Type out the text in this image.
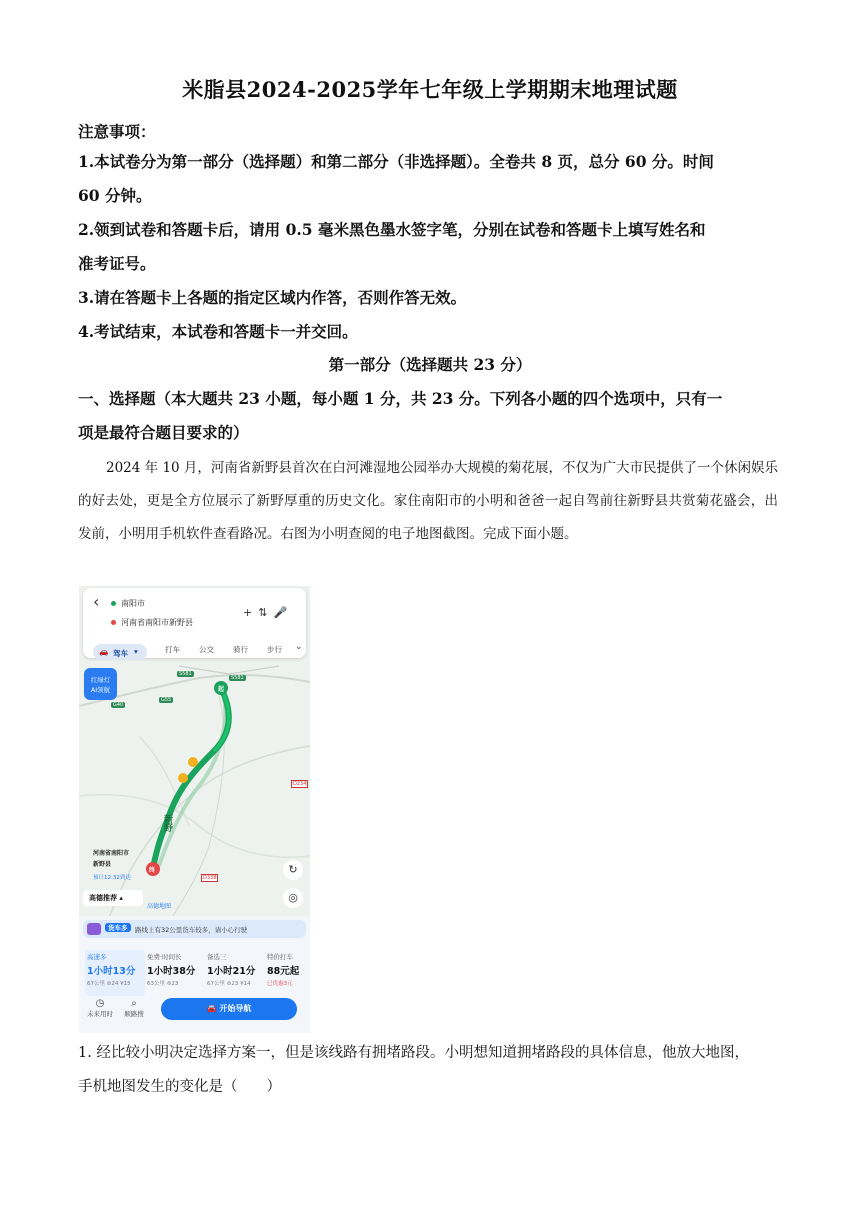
米脂县2024-2025学年七年级上学期期末地理试题
注意事项：
1.本试卷分为第一部分（选择题）和第二部分（非选择题）。全卷共 8 页，总分 60 分。时间
60 分钟。
2.领到试卷和答题卡后，请用 0.5 毫米黑色墨水签字笔，分别在试卷和答题卡上填写姓名和
准考证号。
3.请在答题卡上各题的指定区域内作答，否则作答无效。
4.考试结束，本试卷和答题卡一并交回。
第一部分（选择题共 23 分）
一、选择题（本大题共 23 小题，每小题 1 分，共 23 分。下列各小题的四个选项中，只有一
项是最符合题目要求的）
2024 年 10 月，河南省新野县首次在白河滩湿地公园举办大规模的菊花展，不仅为广大市民提供了一个休闲娱乐的好去处，更是全方位展示了新野厚重的历史文化。家住南阳市的小明和爸爸一起自驾前往新野县共赏菊花盛会，出发前，小明用手机软件查看路况。右图为小明查阅的电子地图截图。完成下面小题。
起
终
新野
S581
S581
G55
G40
D234
D338
河南省南阳市
新野县
预计12:32到达
红绿灯
AI领航
‹	南阳市
河南省南阳市新野县
+⇅🎤
🚗 驾车 ▾	打车	公交	骑行	步行 ⌄
↻
◎
高德推荐 ▴
高德地图
货车多	路线上有32公里货车较多，请小心行驶
高速多
1小时13分
67公里 ⊜24 ¥15
免费·时间长
1小时38分
63公里 ⊜23
备选三
1小时21分
67公里 ⊜23 ¥14
特价打车
88元起
已优惠3元
◷
未来用时
⌕
顺路搜
🚘 开始导航
1. 经比较小明决定选择方案一，但是该线路有拥堵路段。小明想知道拥堵路段的具体信息，他放大地图，
手机地图发生的变化是（　　）
